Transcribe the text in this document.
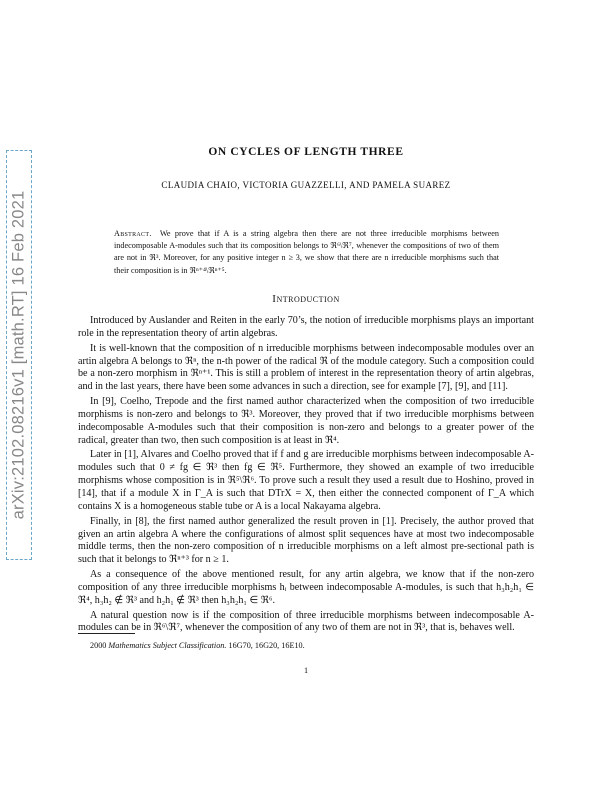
arXiv:2102.08216v1 [math.RT] 16 Feb 2021
ON CYCLES OF LENGTH THREE
CLAUDIA CHAIO, VICTORIA GUAZZELLI, AND PAMELA SUAREZ
Abstract. We prove that if A is a string algebra then there are not three irreducible morphisms between indecomposable A-modules such that its composition belongs to ℜ⁶\ℜ⁷, whenever the compositions of two of them are not in ℜ³. Moreover, for any positive integer n ≥ 3, we show that there are n irreducible morphisms such that their composition is in ℜⁿ⁺⁴\ℜⁿ⁺⁵.
Introduction

Introduced by Auslander and Reiten in the early 70’s, the notion of irreducible morphisms plays an important role in the representation theory of artin algebras.

It is well-known that the composition of n irreducible morphisms between indecomposable modules over an artin algebra A belongs to ℜⁿ, the n-th power of the radical ℜ of the module category. Such a composition could be a non-zero morphism in ℜⁿ⁺¹. This is still a problem of interest in the representation theory of artin algebras, and in the last years, there have been some advances in such a direction, see for example [7], [9], and [11].

In [9], Coelho, Trepode and the first named author characterized when the composition of two irreducible morphisms is non-zero and belongs to ℜ³. Moreover, they proved that if two irreducible morphisms between indecomposable A-modules such that their composition is non-zero and belongs to a greater power of the radical, greater than two, then such composition is at least in ℜ⁴.

Later in [1], Alvares and Coelho proved that if f and g are irreducible morphisms between indecomposable A-modules such that 0 ≠ fg ∈ ℜ³ then fg ∈ ℜ⁵. Furthermore, they showed an example of two irreducible morphisms whose composition is in ℜ⁵\ℜ⁶. To prove such a result they used a result due to Hoshino, proved in [14], that if a module X in Γ_A is such that DTrX = X, then either the connected component of Γ_A which contains X is a homogeneous stable tube or A is a local Nakayama algebra.

Finally, in [8], the first named author generalized the result proven in [1]. Precisely, the author proved that given an artin algebra A where the configurations of almost split sequences have at most two indecomposable middle terms, then the non-zero composition of n irreducible morphisms on a left almost pre-sectional path is such that it belongs to ℜⁿ⁺³ for n ≥ 1.

As a consequence of the above mentioned result, for any artin algebra, we know that if the non-zero composition of any three irreducible morphisms hᵢ between indecomposable A-modules, is such that h₃h₂h₁ ∈ ℜ⁴, h₃h₂ ∉ ℜ³ and h₂h₁ ∉ ℜ³ then h₃h₂h₁ ∈ ℜ⁶.

A natural question now is if the composition of three irreducible morphisms between indecomposable A-modules can be in ℜ⁶\ℜ⁷, whenever the composition of any two of them are not in ℜ³, that is, behaves well.

2000 Mathematics Subject Classification. 16G70, 16G20, 16E10.
1
